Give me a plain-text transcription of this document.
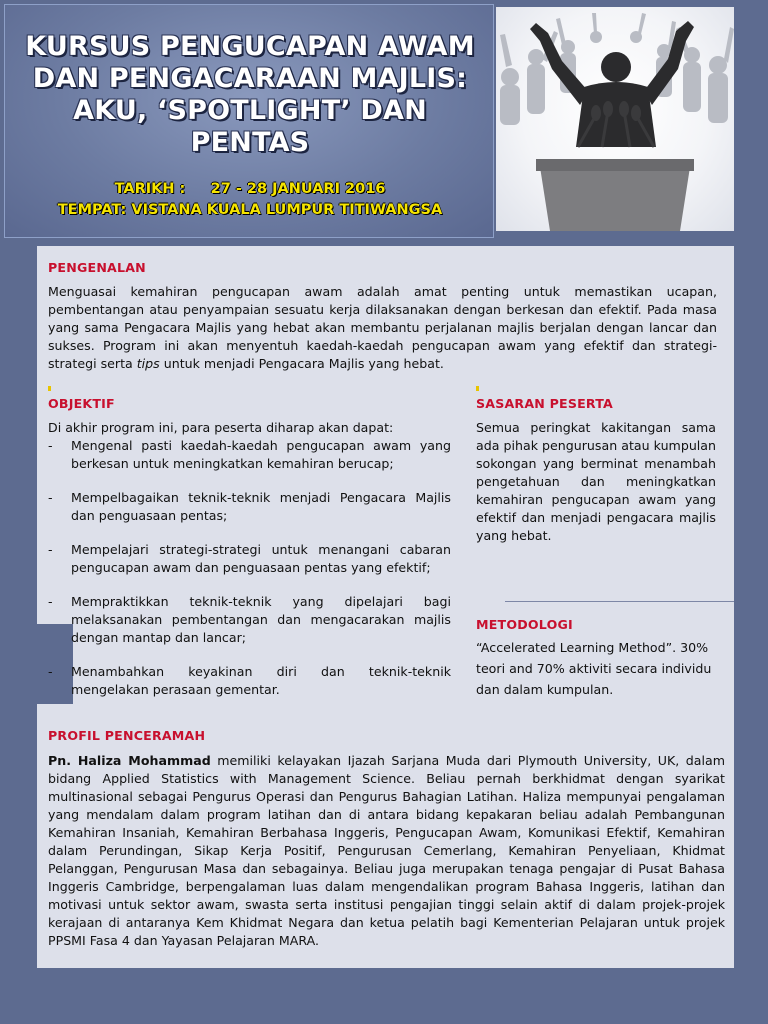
KURSUS PENGUCAPAN AWAM
DAN PENGACARAAN MAJLIS:
AKU, ‘SPOTLIGHT’ DAN
PENTAS
TARIKH :     27 - 28 JANUARI 2016
TEMPAT: VISTANA KUALA LUMPUR TITIWANGSA
PENGENALAN
Menguasai kemahiran pengucapan awam adalah amat penting untuk memastikan ucapan, pembentangan atau penyampaian sesuatu kerja dilaksanakan dengan berkesan dan efektif. Pada masa yang sama Pengacara Majlis yang hebat akan membantu perjalanan majlis berjalan dengan lancar dan sukses. Program ini akan menyentuh kaedah-kaedah pengucapan awam yang efektif dan strategi-strategi serta tips untuk menjadi Pengacara Majlis yang hebat.
OBJEKTIF
Di akhir program ini, para peserta diharap akan dapat:
- Mengenal pasti kaedah-kaedah pengucapan awam yang berkesan untuk meningkatkan kemahiran berucap;
- Mempelbagaikan teknik-teknik menjadi Pengacara Majlis dan penguasaan pentas;
- Mempelajari strategi-strategi untuk menangani cabaran pengucapan awam dan penguasaan pentas yang efektif;
- Mempraktikkan teknik-teknik yang dipelajari bagi melaksanakan pembentangan dan mengacarakan majlis dengan mantap dan lancar;
- Menambahkan keyakinan diri dan teknik-teknik mengelakan perasaan gementar.
SASARAN PESERTA
Semua peringkat kakitangan sama ada pihak pengurusan atau kumpulan sokongan yang berminat menambah pengetahuan dan meningkatkan kemahiran pengucapan awam yang efektif dan menjadi pengacara majlis yang hebat.
METODOLOGI
“Accelerated Learning Method”. 30% teori and 70% aktiviti secara individu dan dalam kumpulan.
PROFIL PENCERAMAH
Pn. Haliza Mohammad memiliki kelayakan Ijazah Sarjana Muda dari Plymouth University, UK, dalam bidang Applied Statistics with Management Science. Beliau pernah berkhidmat dengan syarikat multinasional sebagai Pengurus Operasi dan Pengurus Bahagian Latihan. Haliza mempunyai pengalaman yang mendalam dalam program latihan dan di antara bidang kepakaran beliau adalah Pembangunan Kemahiran Insaniah, Kemahiran Berbahasa Inggeris, Pengucapan Awam, Komunikasi Efektif, Kemahiran dalam Perundingan, Sikap Kerja Positif, Pengurusan Cemerlang, Kemahiran Penyeliaan, Khidmat Pelanggan, Pengurusan Masa dan sebagainya. Beliau juga merupakan tenaga pengajar di Pusat Bahasa Inggeris Cambridge, berpengalaman luas dalam mengendalikan program Bahasa Inggeris, latihan dan motivasi untuk sektor awam, swasta serta institusi pengajian tinggi selain aktif di dalam projek-projek kerajaan di antaranya Kem Khidmat Negara dan ketua pelatih bagi Kementerian Pelajaran untuk projek PPSMI Fasa 4 dan Yayasan Pelajaran MARA.
